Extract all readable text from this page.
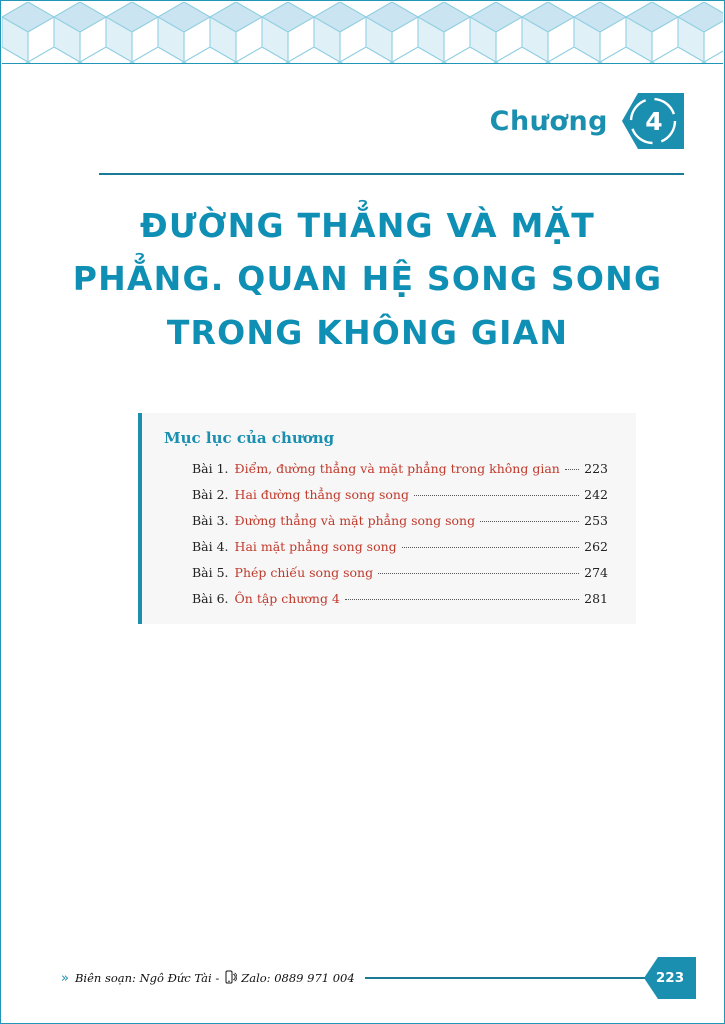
Chương	4
ĐƯỜNG THẲNG VÀ MẶT PHẲNG. QUAN HỆ SONG SONG TRONG KHÔNG GIAN
Mục lục của chương
Bài 1. Điểm, đường thẳng và mặt phẳng trong không gian 223
Bài 2. Hai đường thẳng song song	242
Bài 3. Đường thẳng và mặt phẳng song song	253
Bài 4. Hai mặt phẳng song song	262
Bài 5. Phép chiếu song song	274
Bài 6. Ôn tập chương 4	281
» Biên soạn: Ngô Đức Tài - Zalo: 0889 971 004	223
